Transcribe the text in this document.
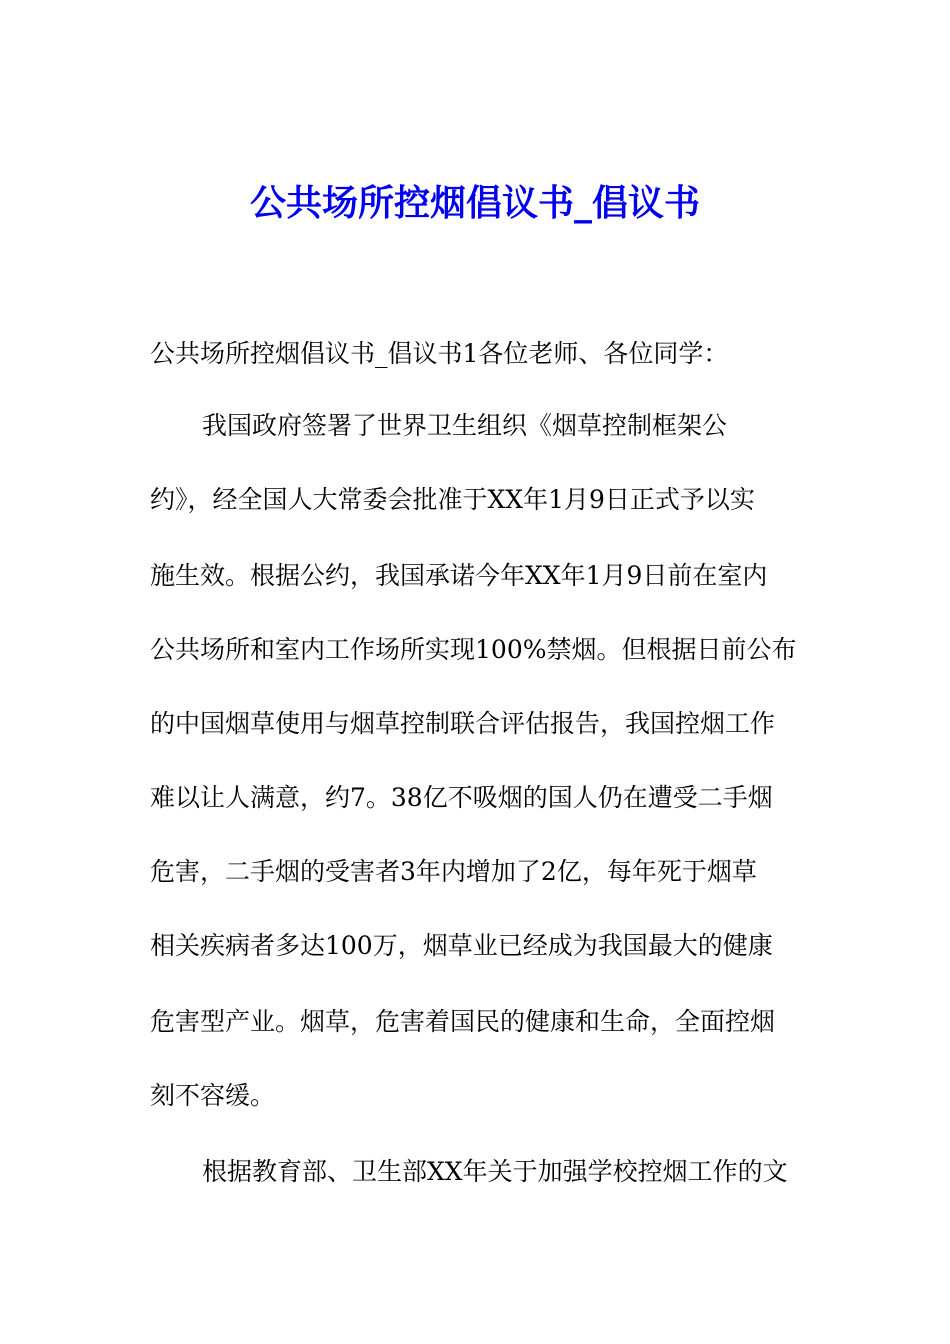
公共场所控烟倡议书_倡议书
公共场所控烟倡议书_倡议书1各位老师、各位同学：
我国政府签署了世界卫生组织《烟草控制框架公
约》，经全国人大常委会批准于XX年1月9日正式予以实
施生效。根据公约，我国承诺今年XX年1月9日前在室内
公共场所和室内工作场所实现100%禁烟。但根据日前公布
的中国烟草使用与烟草控制联合评估报告，我国控烟工作
难以让人满意，约7。38亿不吸烟的国人仍在遭受二手烟
危害，二手烟的受害者3年内增加了2亿，每年死于烟草
相关疾病者多达100万，烟草业已经成为我国最大的健康
危害型产业。烟草，危害着国民的健康和生命，全面控烟
刻不容缓。
根据教育部、卫生部XX年关于加强学校控烟工作的文
